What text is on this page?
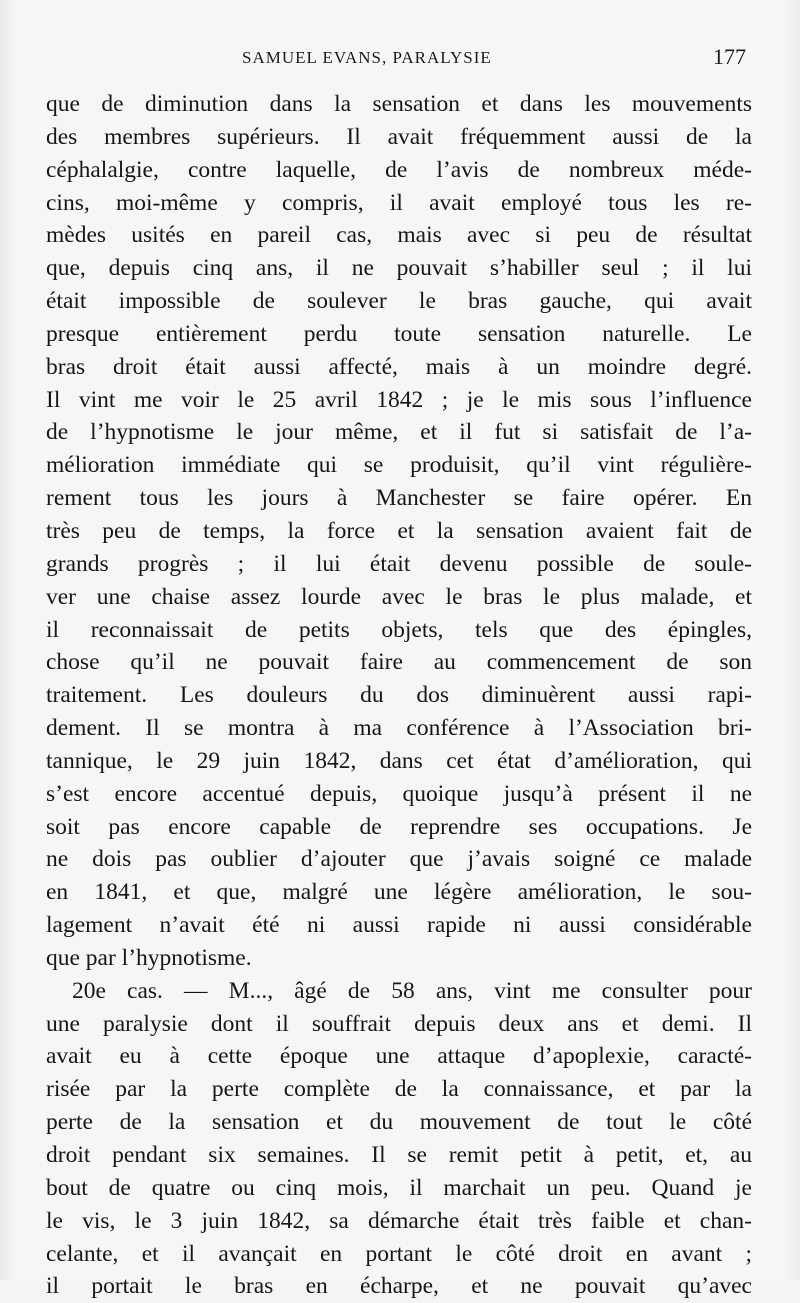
SAMUEL EVANS, PARALYSIE	177
que de diminution dans la sensation et dans les mouvements
des membres supérieurs. Il avait fréquemment aussi de la
céphalalgie, contre laquelle, de l’avis de nombreux méde-
cins, moi-même y compris, il avait employé tous les re-
mèdes usités en pareil cas, mais avec si peu de résultat
que, depuis cinq ans, il ne pouvait s’habiller seul ; il lui
était impossible de soulever le bras gauche, qui avait
presque entièrement perdu toute sensation naturelle. Le
bras droit était aussi affecté, mais à un moindre degré.
Il vint me voir le 25 avril 1842 ; je le mis sous l’influence
de l’hypnotisme le jour même, et il fut si satisfait de l’a-
mélioration immédiate qui se produisit, qu’il vint régulière-
rement tous les jours à Manchester se faire opérer. En
très peu de temps, la force et la sensation avaient fait de
grands progrès ; il lui était devenu possible de soule-
ver une chaise assez lourde avec le bras le plus malade, et
il reconnaissait de petits objets, tels que des épingles,
chose qu’il ne pouvait faire au commencement de son
traitement. Les douleurs du dos diminuèrent aussi rapi-
dement. Il se montra à ma conférence à l’Association bri-
tannique, le 29 juin 1842, dans cet état d’amélioration, qui
s’est encore accentué depuis, quoique jusqu’à présent il ne
soit pas encore capable de reprendre ses occupations. Je
ne dois pas oublier d’ajouter que j’avais soigné ce malade
en 1841, et que, malgré une légère amélioration, le sou-
lagement n’avait été ni aussi rapide ni aussi considérable
que par l’hypnotisme.
20e cas. — M..., âgé de 58 ans, vint me consulter pour
une paralysie dont il souffrait depuis deux ans et demi. Il
avait eu à cette époque une attaque d’apoplexie, caracté-
risée par la perte complète de la connaissance, et par la
perte de la sensation et du mouvement de tout le côté
droit pendant six semaines. Il se remit petit à petit, et, au
bout de quatre ou cinq mois, il marchait un peu. Quand je
le vis, le 3 juin 1842, sa démarche était très faible et chan-
celante, et il avançait en portant le côté droit en avant ;
il portait le bras en écharpe, et ne pouvait qu’avec
